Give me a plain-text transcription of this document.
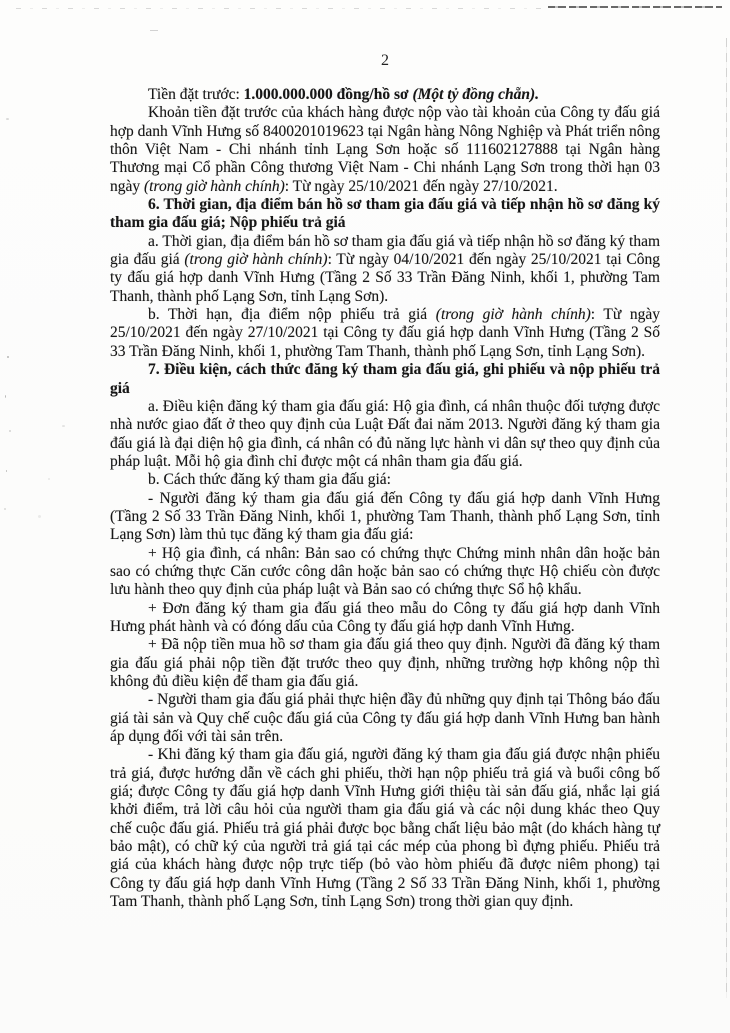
2

Tiền đặt trước: 1.000.000.000 đồng/hồ sơ (Một tỷ đồng chẵn).

Khoản tiền đặt trước của khách hàng được nộp vào tài khoản của Công ty đấu giá hợp danh Vĩnh Hưng số 8400201019623 tại Ngân hàng Nông Nghiệp và Phát triển nông thôn Việt Nam - Chi nhánh tỉnh Lạng Sơn hoặc số 111602127888 tại Ngân hàng Thương mại Cổ phần Công thương Việt Nam - Chi nhánh Lạng Sơn trong thời hạn 03 ngày (trong giờ hành chính): Từ ngày 25/10/2021 đến ngày 27/10/2021.

6. Thời gian, địa điểm bán hồ sơ tham gia đấu giá và tiếp nhận hồ sơ đăng ký tham gia đấu giá; Nộp phiếu trả giá

a. Thời gian, địa điểm bán hồ sơ tham gia đấu giá và tiếp nhận hồ sơ đăng ký tham gia đấu giá (trong giờ hành chính): Từ ngày 04/10/2021 đến ngày 25/10/2021 tại Công ty đấu giá hợp danh Vĩnh Hưng (Tầng 2 Số 33 Trần Đăng Ninh, khối 1, phường Tam Thanh, thành phố Lạng Sơn, tỉnh Lạng Sơn).

b. Thời hạn, địa điểm nộp phiếu trả giá (trong giờ hành chính): Từ ngày 25/10/2021 đến ngày 27/10/2021 tại Công ty đấu giá hợp danh Vĩnh Hưng (Tầng 2 Số 33 Trần Đăng Ninh, khối 1, phường Tam Thanh, thành phố Lạng Sơn, tỉnh Lạng Sơn).

7. Điều kiện, cách thức đăng ký tham gia đấu giá, ghi phiếu và nộp phiếu trả giá

a. Điều kiện đăng ký tham gia đấu giá: Hộ gia đình, cá nhân thuộc đối tượng được nhà nước giao đất ở theo quy định của Luật Đất đai năm 2013. Người đăng ký tham gia đấu giá là đại diện hộ gia đình, cá nhân có đủ năng lực hành vi dân sự theo quy định của pháp luật. Mỗi hộ gia đình chỉ được một cá nhân tham gia đấu giá.

b. Cách thức đăng ký tham gia đấu giá:

- Người đăng ký tham gia đấu giá đến Công ty đấu giá hợp danh Vĩnh Hưng (Tầng 2 Số 33 Trần Đăng Ninh, khối 1, phường Tam Thanh, thành phố Lạng Sơn, tỉnh Lạng Sơn) làm thủ tục đăng ký tham gia đấu giá:

+ Hộ gia đình, cá nhân: Bản sao có chứng thực Chứng minh nhân dân hoặc bản sao có chứng thực Căn cước công dân hoặc bản sao có chứng thực Hộ chiếu còn được lưu hành theo quy định của pháp luật và Bản sao có chứng thực Sổ hộ khẩu.

+ Đơn đăng ký tham gia đấu giá theo mẫu do Công ty đấu giá hợp danh Vĩnh Hưng phát hành và có đóng dấu của Công ty đấu giá hợp danh Vĩnh Hưng.

+ Đã nộp tiền mua hồ sơ tham gia đấu giá theo quy định. Người đã đăng ký tham gia đấu giá phải nộp tiền đặt trước theo quy định, những trường hợp không nộp thì không đủ điều kiện để tham gia đấu giá.

- Người tham gia đấu giá phải thực hiện đầy đủ những quy định tại Thông báo đấu giá tài sản và Quy chế cuộc đấu giá của Công ty đấu giá hợp danh Vĩnh Hưng ban hành áp dụng đối với tài sản trên.

- Khi đăng ký tham gia đấu giá, người đăng ký tham gia đấu giá được nhận phiếu trả giá, được hướng dẫn về cách ghi phiếu, thời hạn nộp phiếu trả giá và buổi công bố giá; được Công ty đấu giá hợp danh Vĩnh Hưng giới thiệu tài sản đấu giá, nhắc lại giá khởi điểm, trả lời câu hỏi của người tham gia đấu giá và các nội dung khác theo Quy chế cuộc đấu giá. Phiếu trả giá phải được bọc bằng chất liệu bảo mật (do khách hàng tự bảo mật), có chữ ký của người trả giá tại các mép của phong bì đựng phiếu. Phiếu trả giá của khách hàng được nộp trực tiếp (bỏ vào hòm phiếu đã được niêm phong) tại Công ty đấu giá hợp danh Vĩnh Hưng (Tầng 2 Số 33 Trần Đăng Ninh, khối 1, phường Tam Thanh, thành phố Lạng Sơn, tỉnh Lạng Sơn) trong thời gian quy định.
